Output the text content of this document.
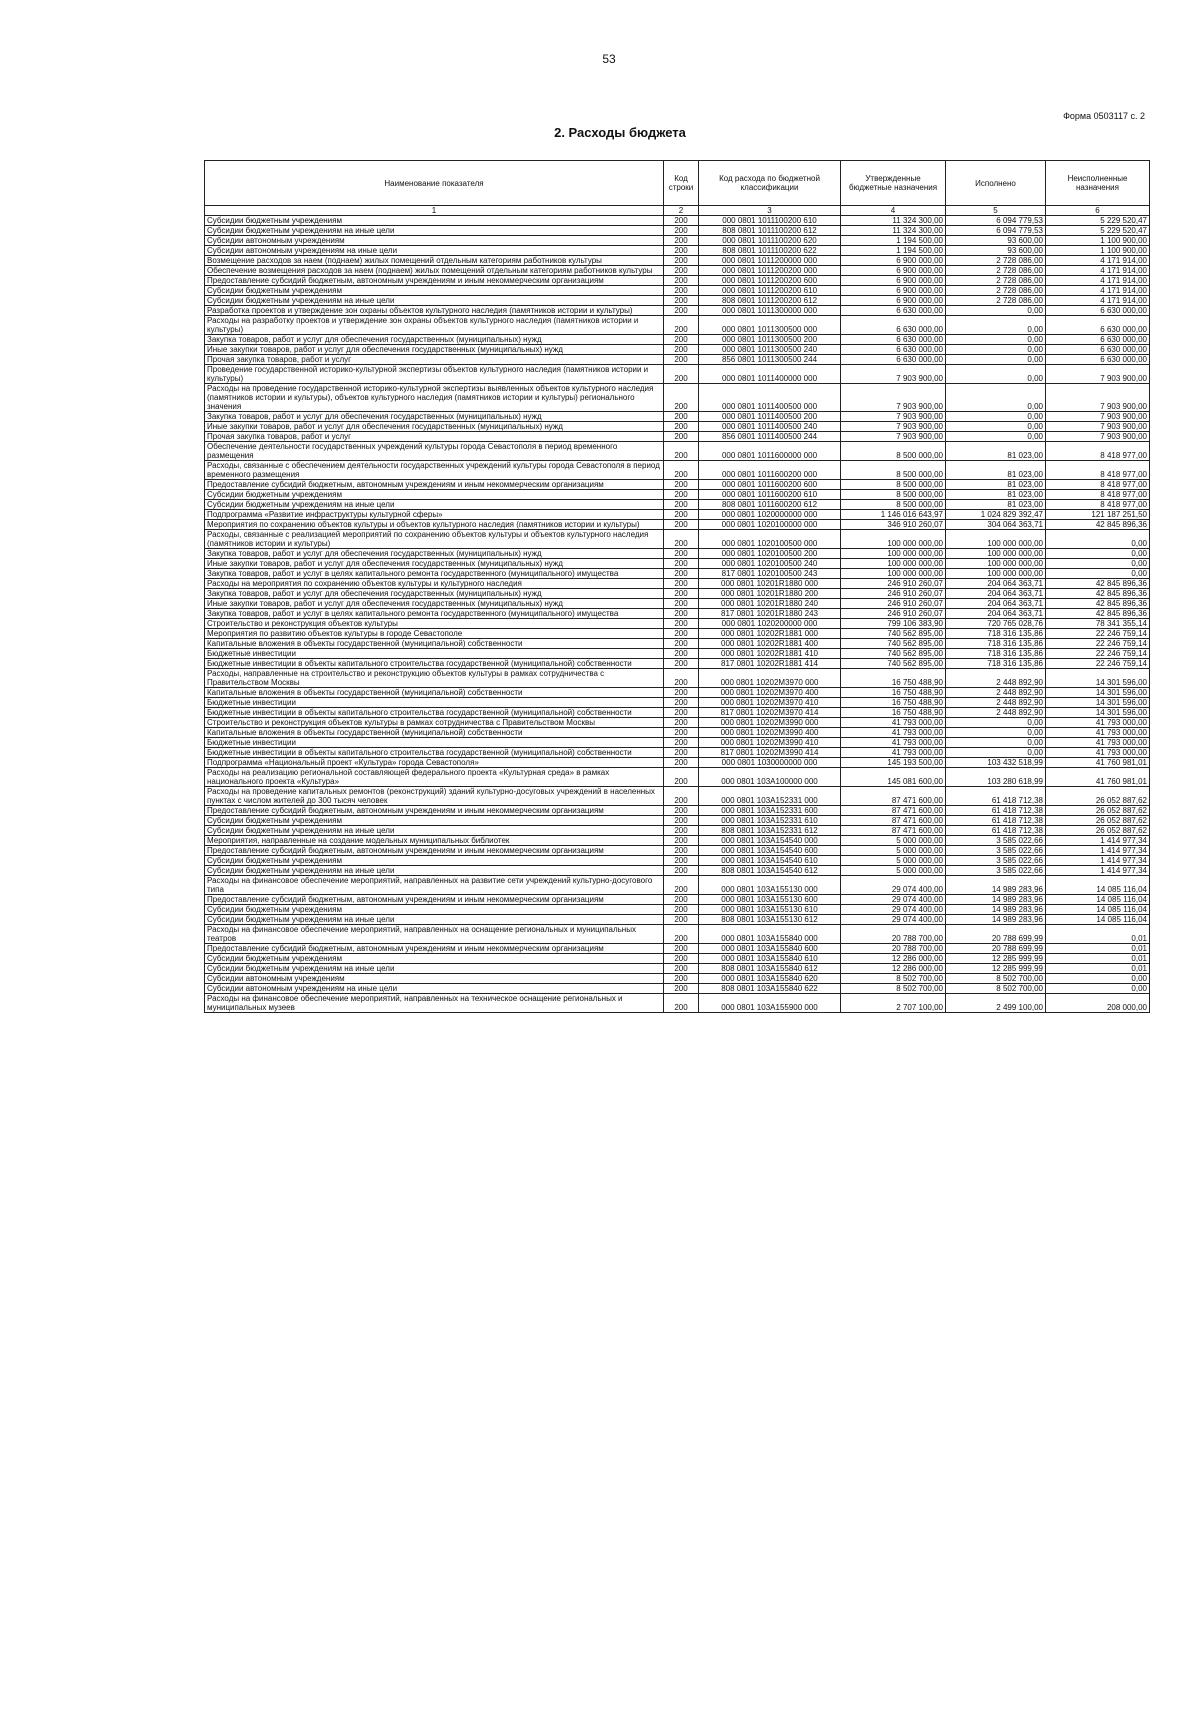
53
Форма 0503117 с. 2
2. Расходы бюджета
Наименование показателя	Код строки	Код расхода по бюджетной классификации	Утвержденные бюджетные назначения	Исполнено	Неисполненные назначения
1	2	3	4	5	6
Субсидии бюджетным учреждениям	200	000 0801 1011100200 610	11 324 300,00	6 094 779,53	5 229 520,47
Субсидии бюджетным учреждениям на иные цели	200	808 0801 1011100200 612	11 324 300,00	6 094 779,53	5 229 520,47
Субсидии автономным учреждениям	200	000 0801 1011100200 620	1 194 500,00	93 600,00	1 100 900,00
Субсидии автономным учреждениям на иные цели	200	808 0801 1011100200 622	1 194 500,00	93 600,00	1 100 900,00
Возмещение расходов за наем (поднаем) жилых помещений отдельным категориям работников культуры	200	000 0801 1011200000 000	6 900 000,00	2 728 086,00	4 171 914,00
Обеспечение возмещения расходов за наем (поднаем) жилых помещений отдельным категориям работников культуры	200	000 0801 1011200200 000	6 900 000,00	2 728 086,00	4 171 914,00
Предоставление субсидий бюджетным, автономным учреждениям и иным некоммерческим организациям	200	000 0801 1011200200 600	6 900 000,00	2 728 086,00	4 171 914,00
Субсидии бюджетным учреждениям	200	000 0801 1011200200 610	6 900 000,00	2 728 086,00	4 171 914,00
Субсидии бюджетным учреждениям на иные цели	200	808 0801 1011200200 612	6 900 000,00	2 728 086,00	4 171 914,00
Разработка проектов и утверждение зон охраны объектов культурного наследия (памятников истории и культуры)	200	000 0801 1011300000 000	6 630 000,00	0,00	6 630 000,00
Расходы на разработку проектов и утверждение зон охраны объектов культурного наследия (памятников истории и культуры)	200	000 0801 1011300500 000	6 630 000,00	0,00	6 630 000,00
Закупка товаров, работ и услуг для обеспечения государственных (муниципальных) нужд	200	000 0801 1011300500 200	6 630 000,00	0,00	6 630 000,00
Иные закупки товаров, работ и услуг для обеспечения государственных (муниципальных) нужд	200	000 0801 1011300500 240	6 630 000,00	0,00	6 630 000,00
Прочая закупка товаров, работ и услуг	200	856 0801 1011300500 244	6 630 000,00	0,00	6 630 000,00
Проведение государственной историко-культурной экспертизы объектов культурного наследия (памятников истории и культуры)	200	000 0801 1011400000 000	7 903 900,00	0,00	7 903 900,00
Расходы на проведение государственной историко-культурной экспертизы выявленных объектов культурного наследия (памятников истории и культуры), объектов культурного наследия (памятников истории и культуры) регионального значения	200	000 0801 1011400500 000	7 903 900,00	0,00	7 903 900,00
Закупка товаров, работ и услуг для обеспечения государственных (муниципальных) нужд	200	000 0801 1011400500 200	7 903 900,00	0,00	7 903 900,00
Иные закупки товаров, работ и услуг для обеспечения государственных (муниципальных) нужд	200	000 0801 1011400500 240	7 903 900,00	0,00	7 903 900,00
Прочая закупка товаров, работ и услуг	200	856 0801 1011400500 244	7 903 900,00	0,00	7 903 900,00
Обеспечение деятельности государственных учреждений культуры города Севастополя в период временного размещения	200	000 0801 1011600000 000	8 500 000,00	81 023,00	8 418 977,00
Расходы, связанные с обеспечением деятельности государственных учреждений культуры города Севастополя в период временного размещения	200	000 0801 1011600200 000	8 500 000,00	81 023,00	8 418 977,00
Предоставление субсидий бюджетным, автономным учреждениям и иным некоммерческим организациям	200	000 0801 1011600200 600	8 500 000,00	81 023,00	8 418 977,00
Субсидии бюджетным учреждениям	200	000 0801 1011600200 610	8 500 000,00	81 023,00	8 418 977,00
Субсидии бюджетным учреждениям на иные цели	200	808 0801 1011600200 612	8 500 000,00	81 023,00	8 418 977,00
Подпрограмма «Развитие инфраструктуры культурной сферы»	200	000 0801 1020000000 000	1 146 016 643,97	1 024 829 392,47	121 187 251,50
Мероприятия по сохранению объектов культуры и объектов культурного наследия (памятников истории и культуры)	200	000 0801 1020100000 000	346 910 260,07	304 064 363,71	42 845 896,36
Расходы, связанные с реализацией мероприятий по сохранению объектов культуры и объектов культурного наследия (памятников истории и культуры)	200	000 0801 1020100500 000	100 000 000,00	100 000 000,00	0,00
Закупка товаров, работ и услуг для обеспечения государственных (муниципальных) нужд	200	000 0801 1020100500 200	100 000 000,00	100 000 000,00	0,00
Иные закупки товаров, работ и услуг для обеспечения государственных (муниципальных) нужд	200	000 0801 1020100500 240	100 000 000,00	100 000 000,00	0,00
Закупка товаров, работ и услуг в целях капитального ремонта государственного (муниципального) имущества	200	817 0801 1020100500 243	100 000 000,00	100 000 000,00	0,00
Расходы на мероприятия по сохранению объектов культуры и культурного наследия	200	000 0801 10201R1880 000	246 910 260,07	204 064 363,71	42 845 896,36
Закупка товаров, работ и услуг для обеспечения государственных (муниципальных) нужд	200	000 0801 10201R1880 200	246 910 260,07	204 064 363,71	42 845 896,36
Иные закупки товаров, работ и услуг для обеспечения государственных (муниципальных) нужд	200	000 0801 10201R1880 240	246 910 260,07	204 064 363,71	42 845 896,36
Закупка товаров, работ и услуг в целях капитального ремонта государственного (муниципального) имущества	200	817 0801 10201R1880 243	246 910 260,07	204 064 363,71	42 845 896,36
Строительство и реконструкция объектов культуры	200	000 0801 1020200000 000	799 106 383,90	720 765 028,76	78 341 355,14
Мероприятия по развитию объектов культуры в городе Севастополе	200	000 0801 10202R1881 000	740 562 895,00	718 316 135,86	22 246 759,14
Капитальные вложения в объекты государственной (муниципальной) собственности	200	000 0801 10202R1881 400	740 562 895,00	718 316 135,86	22 246 759,14
Бюджетные инвестиции	200	000 0801 10202R1881 410	740 562 895,00	718 316 135,86	22 246 759,14
Бюджетные инвестиции в объекты капитального строительства государственной (муниципальной) собственности	200	817 0801 10202R1881 414	740 562 895,00	718 316 135,86	22 246 759,14
Расходы, направленные на строительство и реконструкцию объектов культуры в рамках сотрудничества с Правительством Москвы	200	000 0801 10202M3970 000	16 750 488,90	2 448 892,90	14 301 596,00
Капитальные вложения в объекты государственной (муниципальной) собственности	200	000 0801 10202M3970 400	16 750 488,90	2 448 892,90	14 301 596,00
Бюджетные инвестиции	200	000 0801 10202M3970 410	16 750 488,90	2 448 892,90	14 301 596,00
Бюджетные инвестиции в объекты капитального строительства государственной (муниципальной) собственности	200	817 0801 10202M3970 414	16 750 488,90	2 448 892,90	14 301 596,00
Строительство и реконструкция объектов культуры в рамках сотрудничества с Правительством Москвы	200	000 0801 10202M3990 000	41 793 000,00	0,00	41 793 000,00
Капитальные вложения в объекты государственной (муниципальной) собственности	200	000 0801 10202M3990 400	41 793 000,00	0,00	41 793 000,00
Бюджетные инвестиции	200	000 0801 10202M3990 410	41 793 000,00	0,00	41 793 000,00
Бюджетные инвестиции в объекты капитального строительства государственной (муниципальной) собственности	200	817 0801 10202M3990 414	41 793 000,00	0,00	41 793 000,00
Подпрограмма «Национальный проект «Культура» города Севастополя»	200	000 0801 1030000000 000	145 193 500,00	103 432 518,99	41 760 981,01
Расходы на реализацию региональной составляющей федерального проекта «Культурная среда» в рамках национального проекта «Культура»	200	000 0801 103A100000 000	145 081 600,00	103 280 618,99	41 760 981,01
Расходы на проведение капитальных ремонтов (реконструкций) зданий культурно-досуговых учреждений в населенных пунктах с числом жителей до 300 тысяч человек	200	000 0801 103A152331 000	87 471 600,00	61 418 712,38	26 052 887,62
Предоставление субсидий бюджетным, автономным учреждениям и иным некоммерческим организациям	200	000 0801 103A152331 600	87 471 600,00	61 418 712,38	26 052 887,62
Субсидии бюджетным учреждениям	200	000 0801 103A152331 610	87 471 600,00	61 418 712,38	26 052 887,62
Субсидии бюджетным учреждениям на иные цели	200	808 0801 103A152331 612	87 471 600,00	61 418 712,38	26 052 887,62
Мероприятия, направленные на создание модельных муниципальных библиотек	200	000 0801 103A154540 000	5 000 000,00	3 585 022,66	1 414 977,34
Предоставление субсидий бюджетным, автономным учреждениям и иным некоммерческим организациям	200	000 0801 103A154540 600	5 000 000,00	3 585 022,66	1 414 977,34
Субсидии бюджетным учреждениям	200	000 0801 103A154540 610	5 000 000,00	3 585 022,66	1 414 977,34
Субсидии бюджетным учреждениям на иные цели	200	808 0801 103A154540 612	5 000 000,00	3 585 022,66	1 414 977,34
Расходы на финансовое обеспечение мероприятий, направленных на развитие сети учреждений культурно-досугового типа	200	000 0801 103A155130 000	29 074 400,00	14 989 283,96	14 085 116,04
Предоставление субсидий бюджетным, автономным учреждениям и иным некоммерческим организациям	200	000 0801 103A155130 600	29 074 400,00	14 989 283,96	14 085 116,04
Субсидии бюджетным учреждениям	200	000 0801 103A155130 610	29 074 400,00	14 989 283,96	14 085 116,04
Субсидии бюджетным учреждениям на иные цели	200	808 0801 103A155130 612	29 074 400,00	14 989 283,96	14 085 116,04
Расходы на финансовое обеспечение мероприятий, направленных на оснащение региональных и муниципальных театров	200	000 0801 103A155840 000	20 788 700,00	20 788 699,99	0,01
Предоставление субсидий бюджетным, автономным учреждениям и иным некоммерческим организациям	200	000 0801 103A155840 600	20 788 700,00	20 788 699,99	0,01
Субсидии бюджетным учреждениям	200	000 0801 103A155840 610	12 286 000,00	12 285 999,99	0,01
Субсидии бюджетным учреждениям на иные цели	200	808 0801 103A155840 612	12 286 000,00	12 285 999,99	0,01
Субсидии автономным учреждениям	200	000 0801 103A155840 620	8 502 700,00	8 502 700,00	0,00
Субсидии автономным учреждениям на иные цели	200	808 0801 103A155840 622	8 502 700,00	8 502 700,00	0,00
Расходы на финансовое обеспечение мероприятий, направленных на техническое оснащение региональных и муниципальных музеев	200	000 0801 103A155900 000	2 707 100,00	2 499 100,00	208 000,00
